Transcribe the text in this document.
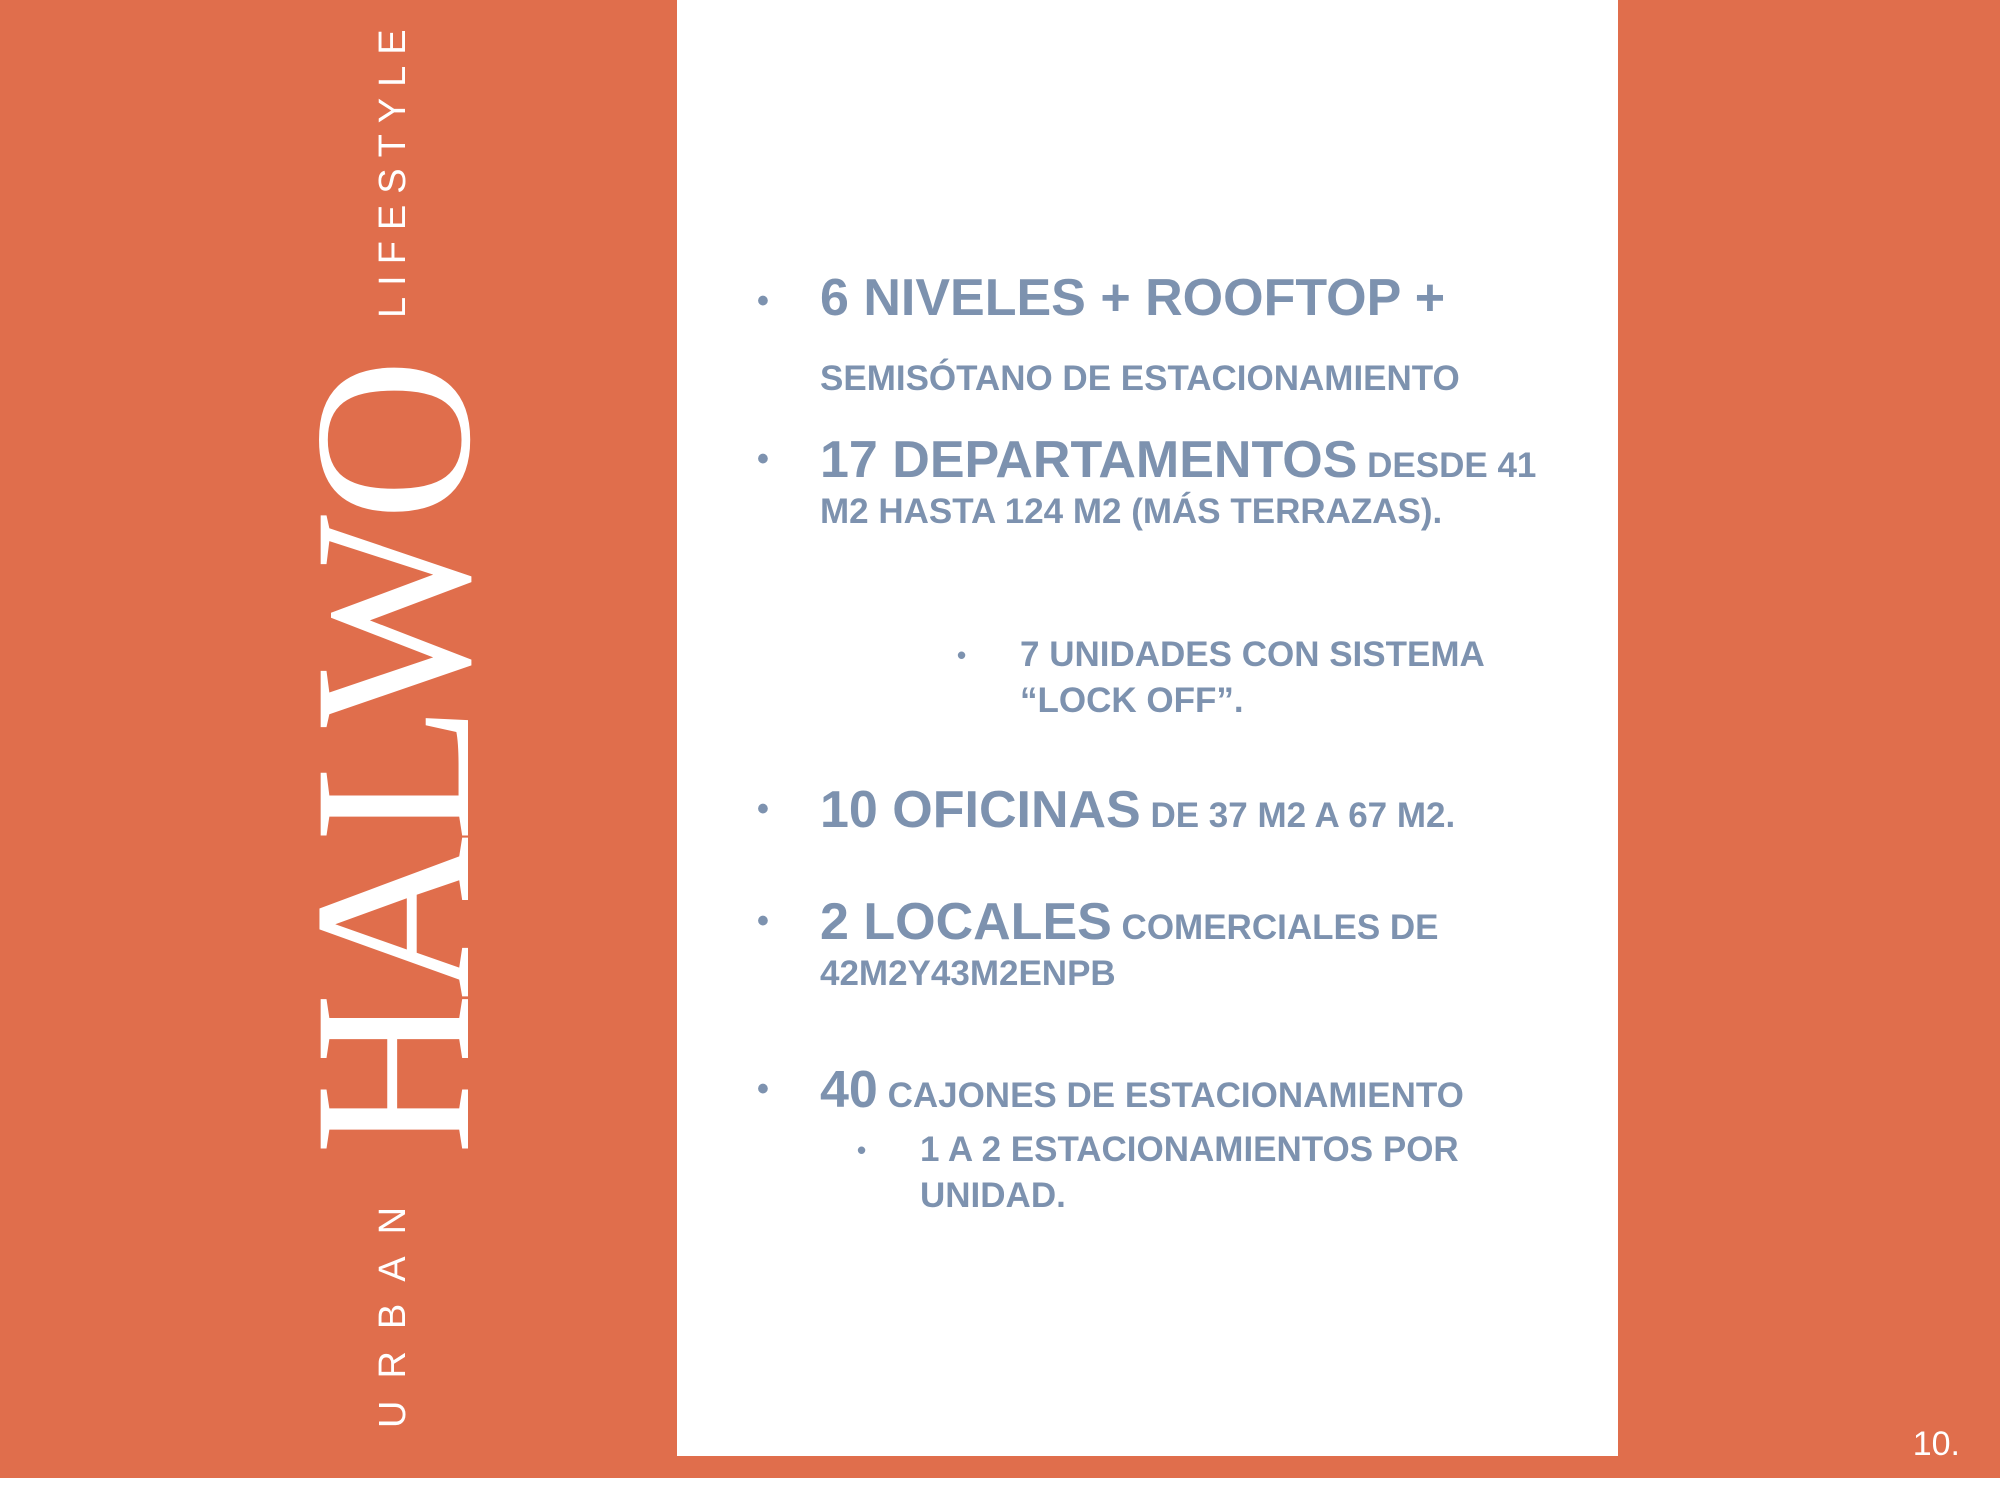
URBAN
HALWO
LIFESTYLE	• 6 NIVELES + ROOFTOP +
SEMISÓTANO DE ESTACIONAMIENTO
• 17 DEPARTAMENTOS DESDE 41 M2 HASTA 124 M2 (MÁS TERRAZAS).
• 7 UNIDADES CON SISTEMA “LOCK OFF”.
• 10 OFICINAS DE 37 M2 A 67 M2.
• 2 LOCALES COMERCIALES DE 42M2Y43M2ENPB
• 40 CAJONES DE ESTACIONAMIENTO
• 1 A 2 ESTACIONAMIENTOS POR UNIDAD.
10.
